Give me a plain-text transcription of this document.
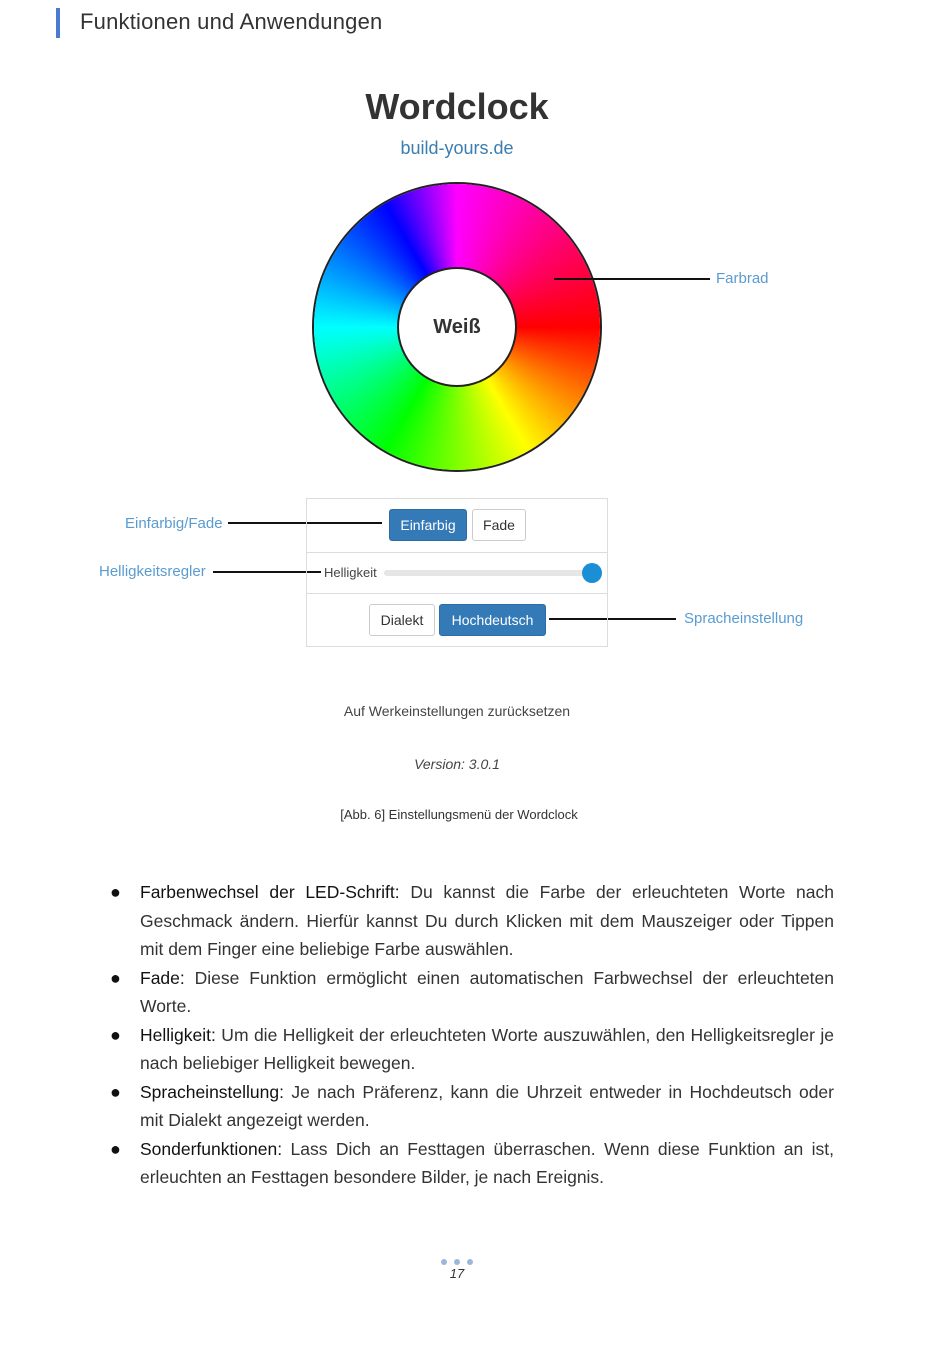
Funktionen und Anwendungen
Wordclock
build-yours.de
Weiß
Farbrad
Einfarbig/Fade
Helligkeitsregler
Spracheinstellung
Einfarbig	Fade
Helligkeit
Dialekt	Hochdeutsch
Auf Werkeinstellungen zurücksetzen
Version: 3.0.1
[Abb. 6] Einstellungsmenü der Wordclock
● Farbenwechsel der LED-Schrift: Du kannst die Farbe der erleuchteten Worte nach Geschmack ändern. Hierfür kannst Du durch Klicken mit dem Mauszeiger oder Tippen mit dem Finger eine beliebige Farbe auswählen.
● Fade: Diese Funktion ermöglicht einen automatischen Farbwechsel der erleuchteten Worte.
● Helligkeit: Um die Helligkeit der erleuchteten Worte auszuwählen, den Helligkeitsregler je nach beliebiger Helligkeit bewegen.
● Spracheinstellung: Je nach Präferenz, kann die Uhrzeit entweder in Hochdeutsch oder mit Dialekt angezeigt werden.
● Sonderfunktionen: Lass Dich an Festtagen überraschen. Wenn diese Funktion an ist, erleuchten an Festtagen besondere Bilder, je nach Ereignis.
17
